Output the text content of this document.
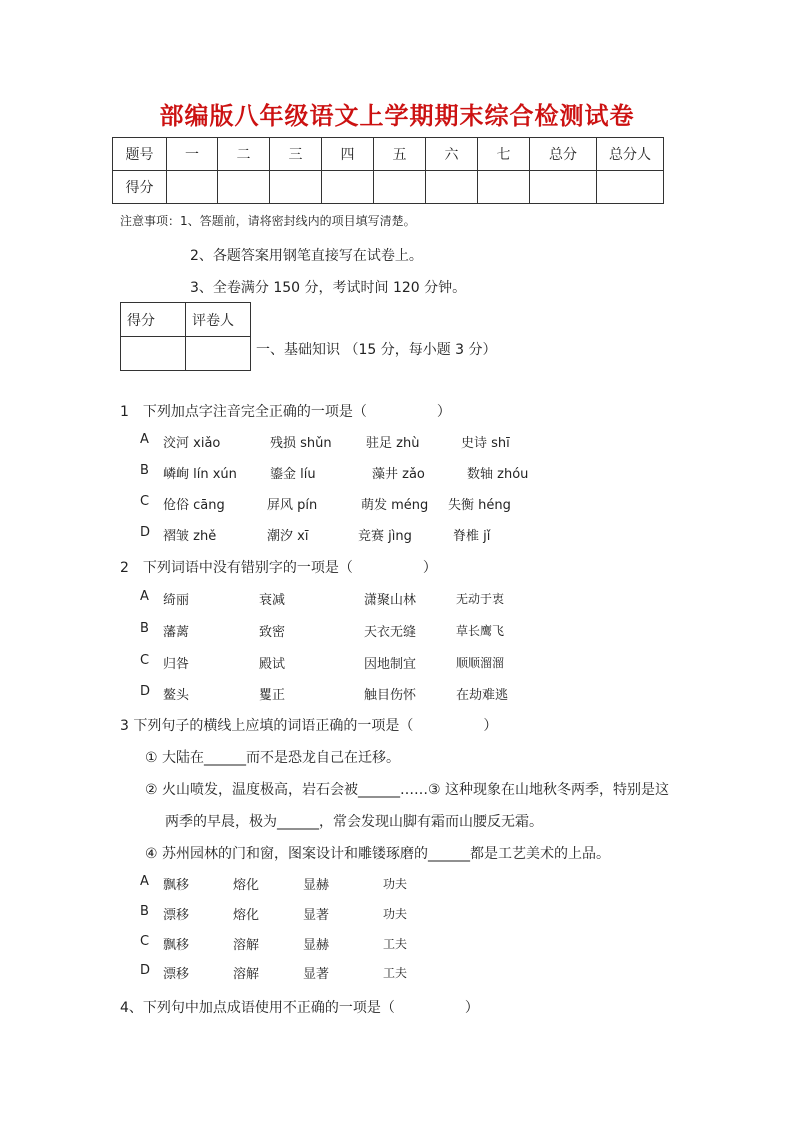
部编版八年级语文上学期期末综合检测试卷
题号	一	二	三	四	五	六	七	总分	总分人
得分									
注意事项：1、答题前，请将密封线内的项目填写清楚。
2、各题答案用钢笔直接写在试卷上。
3、全卷满分 150 分，考试时间 120 分钟。
得分	评卷人

一、基础知识 （15 分，每小题 3 分）
1　下列加点字注音完全正确的一项是（　　　　　）
A 洨河 xiǎo	残损 shǔn	驻足 zhù	史诗 shī
B 嶙峋 lín xún	鎏金 líu	藻井 zǎo	数轴 zhóu
C 伧俗 cāng	屏风 pín	萌发 méng 失衡 héng
D 褶皱 zhě	潮汐 xī	竞赛 jìng	脊椎 jǐ
2　下列词语中没有错别字的一项是（　　　　　）
A 绮丽	衰减	潇聚山林	无动于衷
B 藩蓠	致密	天衣无缝	草长鹰飞
C 归咎	殿试	因地制宜	顺顺溜溜
D 鳌头	矍正	触目伤怀	在劫难逃
3 下列句子的横线上应填的词语正确的一项是（　　　　　）
① 大陆在______而不是恐龙自己在迁移。
② 火山喷发，温度极高，岩石会被______……③ 这种现象在山地秋冬两季，特别是这
两季的早晨，极为______，常会发现山脚有霜而山腰反无霜。
④ 苏州园林的门和窗，图案设计和雕镂琢磨的______都是工艺美术的上品。
A 飘移	熔化	显赫	功夫
B 漂移	熔化	显著	功夫
C 飘移	溶解	显赫	工夫
D 漂移	溶解	显著	工夫
4、下列句中加点成语使用不正确的一项是（　　　　　）
